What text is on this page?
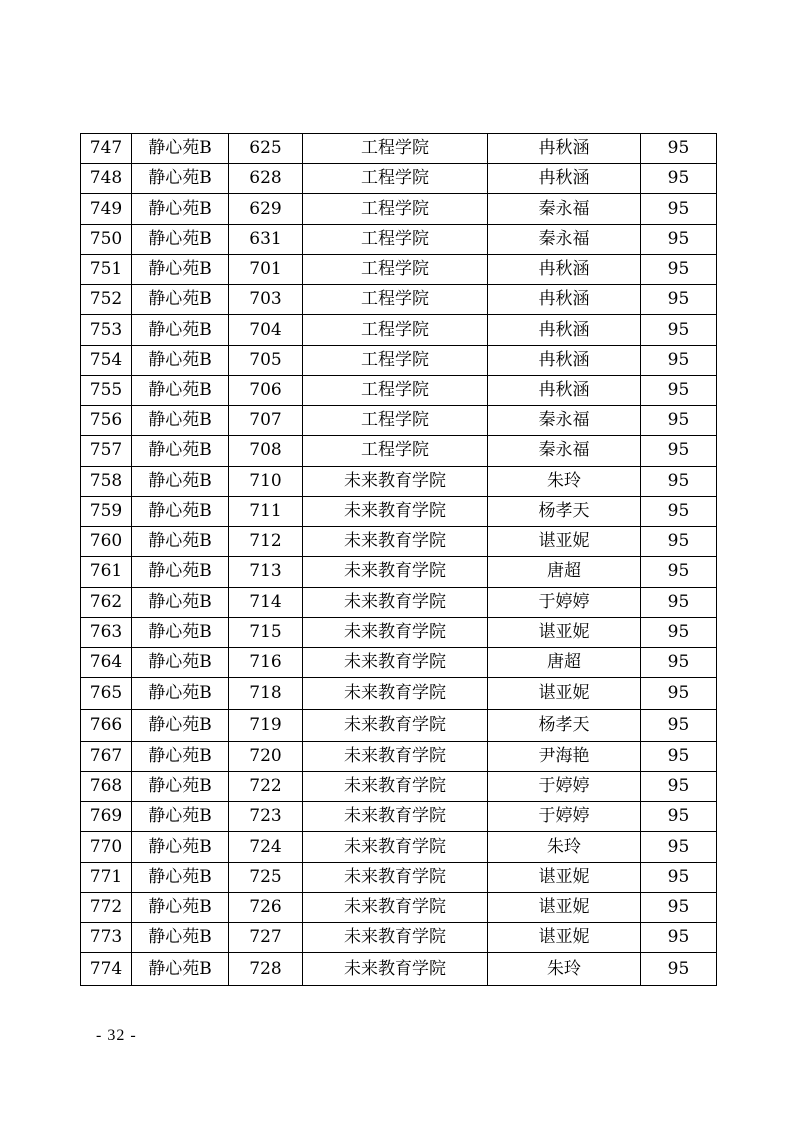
747	静心苑B	625	工程学院	冉秋涵	95
748	静心苑B	628	工程学院	冉秋涵	95
749	静心苑B	629	工程学院	秦永福	95
750	静心苑B	631	工程学院	秦永福	95
751	静心苑B	701	工程学院	冉秋涵	95
752	静心苑B	703	工程学院	冉秋涵	95
753	静心苑B	704	工程学院	冉秋涵	95
754	静心苑B	705	工程学院	冉秋涵	95
755	静心苑B	706	工程学院	冉秋涵	95
756	静心苑B	707	工程学院	秦永福	95
757	静心苑B	708	工程学院	秦永福	95
758	静心苑B	710	未来教育学院	朱玲	95
759	静心苑B	711	未来教育学院	杨孝天	95
760	静心苑B	712	未来教育学院	谌亚妮	95
761	静心苑B	713	未来教育学院	唐超	95
762	静心苑B	714	未来教育学院	于婷婷	95
763	静心苑B	715	未来教育学院	谌亚妮	95
764	静心苑B	716	未来教育学院	唐超	95
765	静心苑B	718	未来教育学院	谌亚妮	95
766	静心苑B	719	未来教育学院	杨孝天	95
767	静心苑B	720	未来教育学院	尹海艳	95
768	静心苑B	722	未来教育学院	于婷婷	95
769	静心苑B	723	未来教育学院	于婷婷	95
770	静心苑B	724	未来教育学院	朱玲	95
771	静心苑B	725	未来教育学院	谌亚妮	95
772	静心苑B	726	未来教育学院	谌亚妮	95
773	静心苑B	727	未来教育学院	谌亚妮	95
774	静心苑B	728	未来教育学院	朱玲	95
- 32 -
